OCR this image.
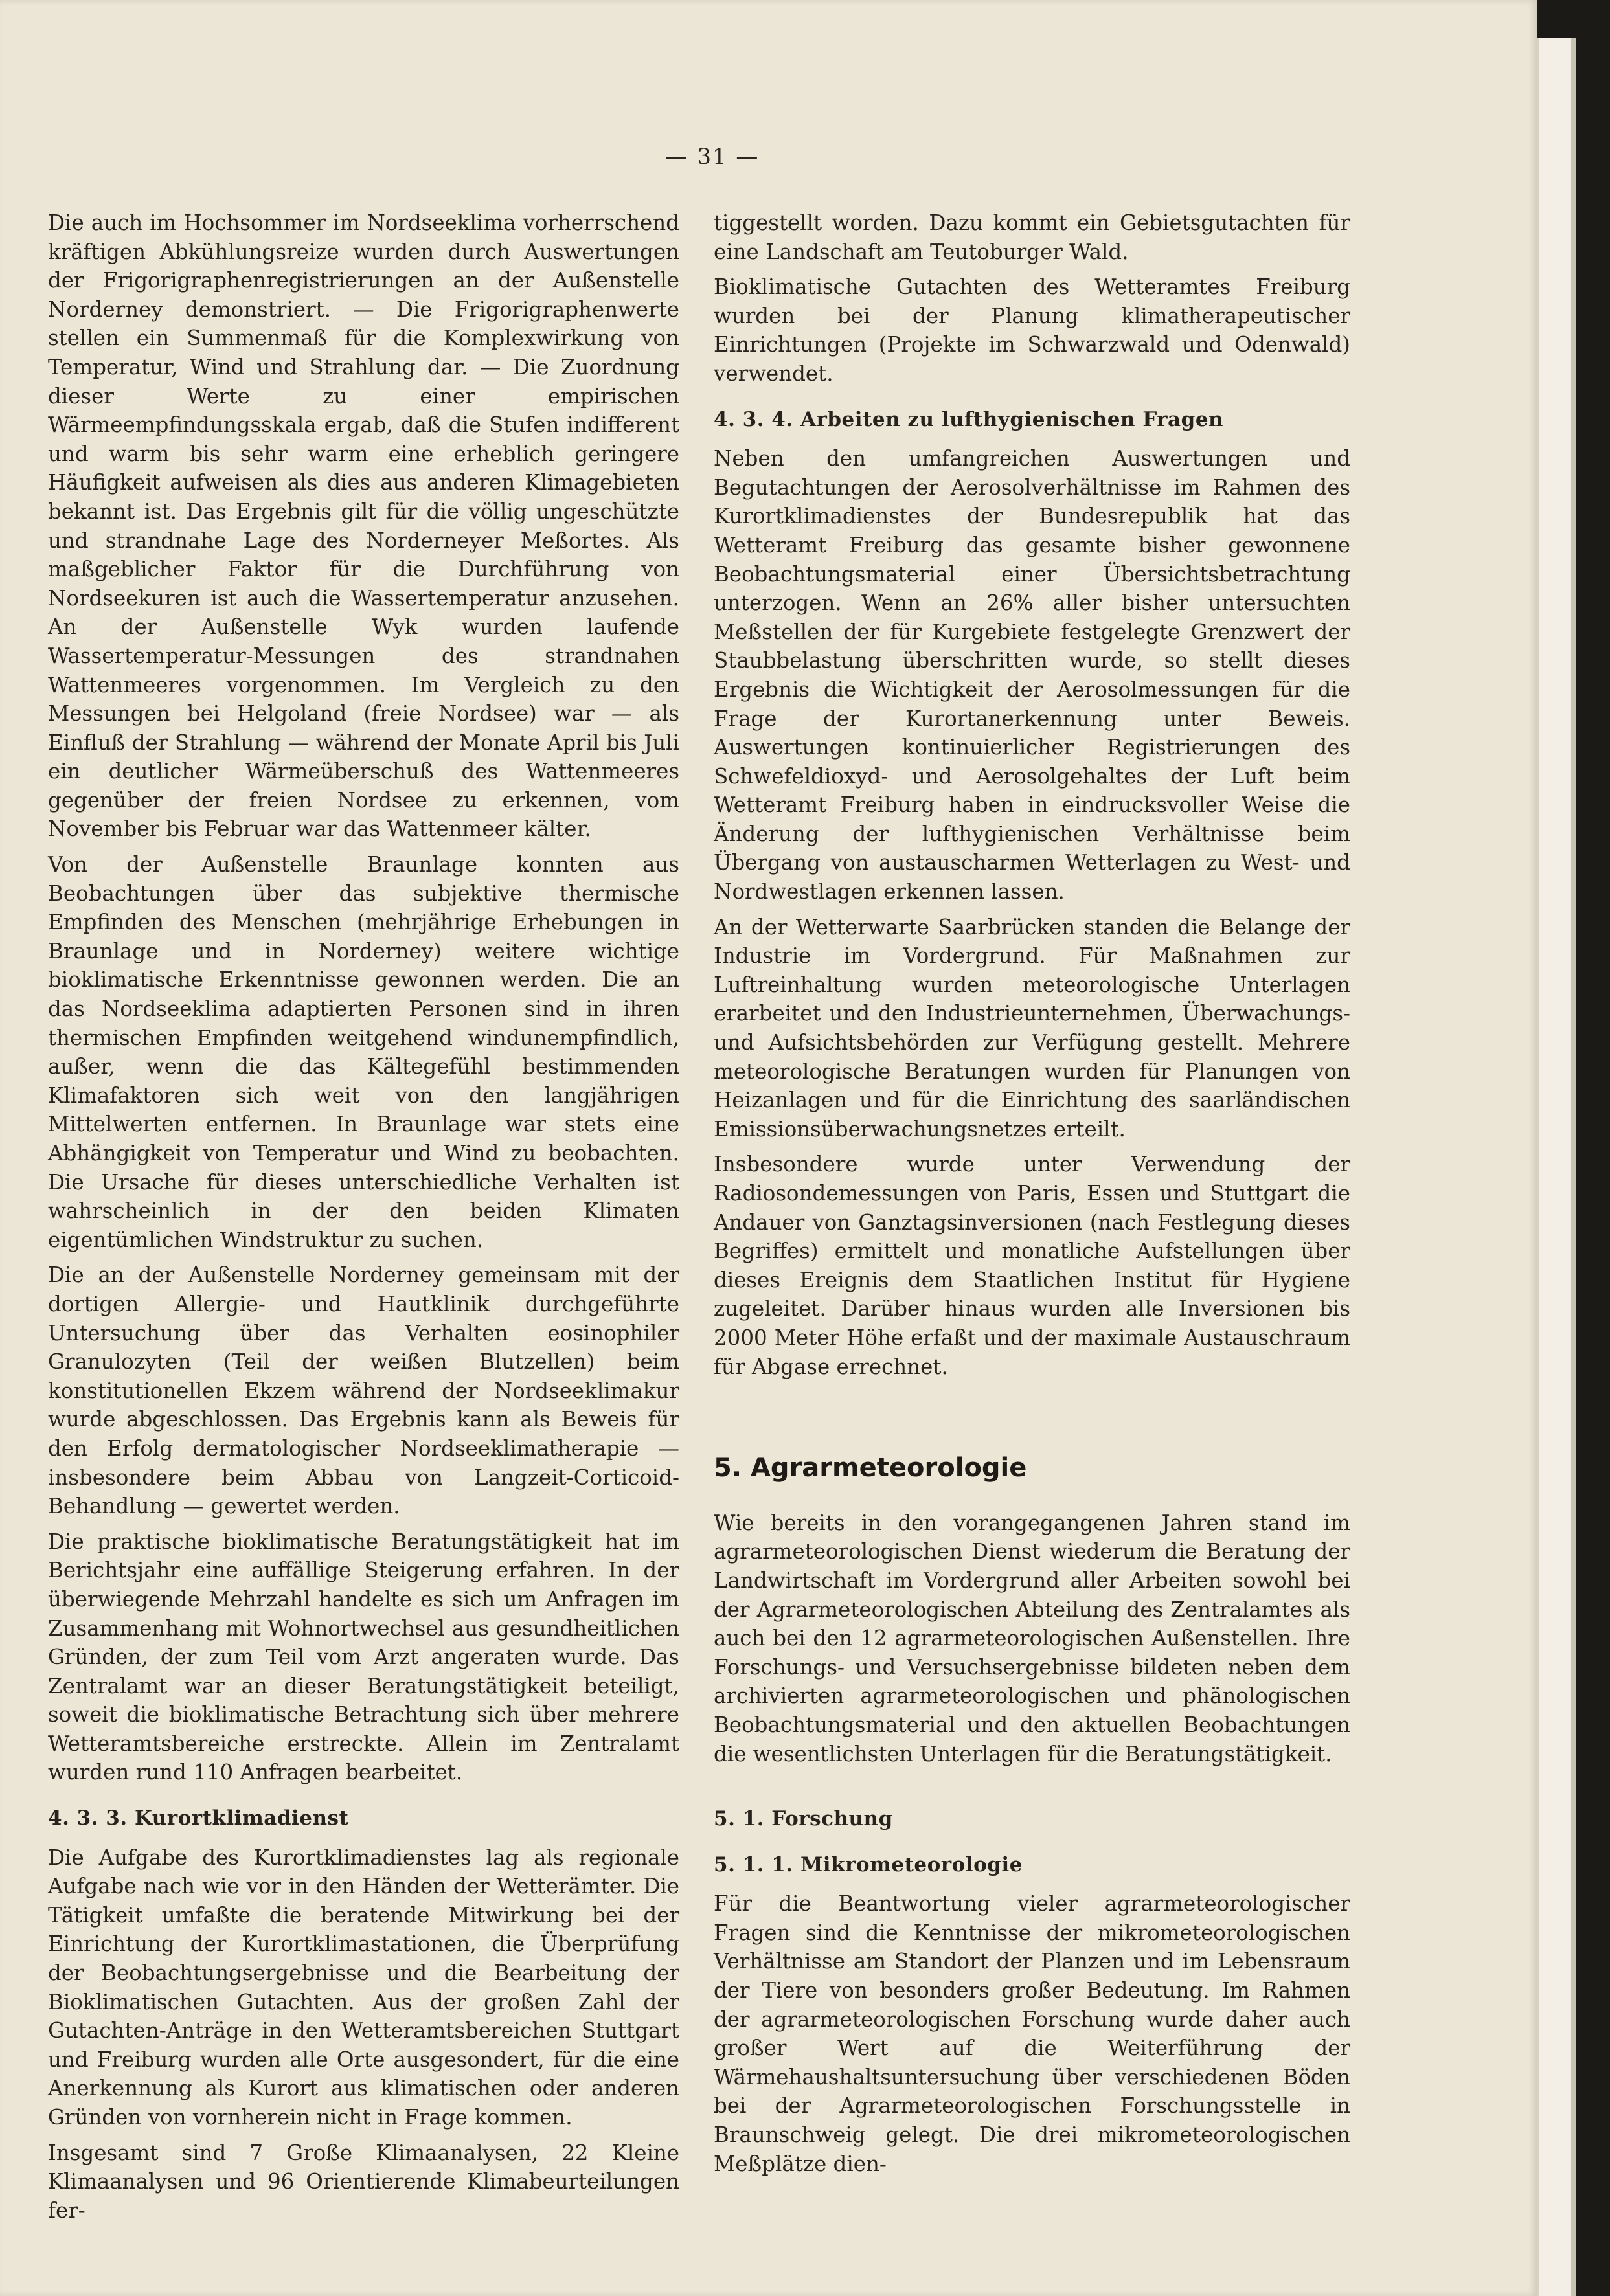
— 31 —

Die auch im Hochsommer im Nordseeklima vorherrschend kräftigen Abkühlungsreize wurden durch Auswertungen der Frigorigraphenregistrierungen an der Außenstelle Norderney demonstriert. — Die Frigorigraphenwerte stellen ein Summenmaß für die Komplexwirkung von Temperatur, Wind und Strahlung dar. — Die Zuordnung dieser Werte zu einer empirischen Wärmeempfindungsskala ergab, daß die Stufen indifferent und warm bis sehr warm eine erheblich geringere Häufigkeit aufweisen als dies aus anderen Klimagebieten bekannt ist. Das Ergebnis gilt für die völlig ungeschützte und strandnahe Lage des Norderneyer Meßortes. Als maßgeblicher Faktor für die Durchführung von Nordseekuren ist auch die Wassertemperatur anzusehen. An der Außenstelle Wyk wurden laufende Wassertemperatur-Messungen des strandnahen Wattenmeeres vorgenommen. Im Vergleich zu den Messungen bei Helgoland (freie Nordsee) war — als Einfluß der Strahlung — während der Monate April bis Juli ein deutlicher Wärmeüberschuß des Wattenmeeres gegenüber der freien Nordsee zu erkennen, vom November bis Februar war das Wattenmeer kälter.

Von der Außenstelle Braunlage konnten aus Beobachtungen über das subjektive thermische Empfinden des Menschen (mehrjährige Erhebungen in Braunlage und in Norderney) weitere wichtige bioklimatische Erkenntnisse gewonnen werden. Die an das Nordseeklima adaptierten Personen sind in ihren thermischen Empfinden weitgehend windunempfindlich, außer, wenn die das Kältegefühl bestimmenden Klimafaktoren sich weit von den langjährigen Mittelwerten entfernen. In Braunlage war stets eine Abhängigkeit von Temperatur und Wind zu beobachten. Die Ursache für dieses unterschiedliche Verhalten ist wahrscheinlich in der den beiden Klimaten eigentümlichen Windstruktur zu suchen.

Die an der Außenstelle Norderney gemeinsam mit der dortigen Allergie- und Hautklinik durchgeführte Untersuchung über das Verhalten eosinophiler Granulozyten (Teil der weißen Blutzellen) beim konstitutionellen Ekzem während der Nordseeklimakur wurde abgeschlossen. Das Ergebnis kann als Beweis für den Erfolg dermatologischer Nordseeklimatherapie — insbesondere beim Abbau von Langzeit-Corticoid-Behandlung — gewertet werden.

Die praktische bioklimatische Beratungstätigkeit hat im Berichtsjahr eine auffällige Steigerung erfahren. In der überwiegende Mehrzahl handelte es sich um Anfragen im Zusammenhang mit Wohnortwechsel aus gesundheitlichen Gründen, der zum Teil vom Arzt angeraten wurde. Das Zentralamt war an dieser Beratungstätigkeit beteiligt, soweit die bioklimatische Betrachtung sich über mehrere Wetteramtsbereiche erstreckte. Allein im Zentralamt wurden rund 110 Anfragen bearbeitet.

4. 3. 3. Kurortklimadienst

Die Aufgabe des Kurortklimadienstes lag als regionale Aufgabe nach wie vor in den Händen der Wetterämter. Die Tätigkeit umfaßte die beratende Mitwirkung bei der Einrichtung der Kurortklimastationen, die Überprüfung der Beobachtungsergebnisse und die Bearbeitung der Bioklimatischen Gutachten. Aus der großen Zahl der Gutachten-Anträge in den Wetteramtsbereichen Stuttgart und Freiburg wurden alle Orte ausgesondert, für die eine Anerkennung als Kurort aus klimatischen oder anderen Gründen von vornherein nicht in Frage kommen.

Insgesamt sind 7 Große Klimaanalysen, 22 Kleine Klimaanalysen und 96 Orientierende Klimabeurteilungen fer-

tiggestellt worden. Dazu kommt ein Gebietsgutachten für eine Landschaft am Teutoburger Wald.

Bioklimatische Gutachten des Wetteramtes Freiburg wurden bei der Planung klimatherapeutischer Einrichtungen (Projekte im Schwarzwald und Odenwald) verwendet.

4. 3. 4. Arbeiten zu lufthygienischen Fragen

Neben den umfangreichen Auswertungen und Begutachtungen der Aerosolverhältnisse im Rahmen des Kurortklimadienstes der Bundesrepublik hat das Wetteramt Freiburg das gesamte bisher gewonnene Beobachtungsmaterial einer Übersichtsbetrachtung unterzogen. Wenn an 26% aller bisher untersuchten Meßstellen der für Kurgebiete festgelegte Grenzwert der Staubbelastung überschritten wurde, so stellt dieses Ergebnis die Wichtigkeit der Aerosolmessungen für die Frage der Kurortanerkennung unter Beweis. Auswertungen kontinuierlicher Registrierungen des Schwefeldioxyd- und Aerosolgehaltes der Luft beim Wetteramt Freiburg haben in eindrucksvoller Weise die Änderung der lufthygienischen Verhältnisse beim Übergang von austauscharmen Wetterlagen zu West- und Nordwestlagen erkennen lassen.

An der Wetterwarte Saarbrücken standen die Belange der Industrie im Vordergrund. Für Maßnahmen zur Luftreinhaltung wurden meteorologische Unterlagen erarbeitet und den Industrieunternehmen, Überwachungs- und Aufsichtsbehörden zur Verfügung gestellt. Mehrere meteorologische Beratungen wurden für Planungen von Heizanlagen und für die Einrichtung des saarländischen Emissionsüberwachungsnetzes erteilt.

Insbesondere wurde unter Verwendung der Radiosondemessungen von Paris, Essen und Stuttgart die Andauer von Ganztagsinversionen (nach Festlegung dieses Begriffes) ermittelt und monatliche Aufstellungen über dieses Ereignis dem Staatlichen Institut für Hygiene zugeleitet. Darüber hinaus wurden alle Inversionen bis 2000 Meter Höhe erfaßt und der maximale Austauschraum für Abgase errechnet.

5. Agrarmeteorologie

Wie bereits in den vorangegangenen Jahren stand im agrarmeteorologischen Dienst wiederum die Beratung der Landwirtschaft im Vordergrund aller Arbeiten sowohl bei der Agrarmeteorologischen Abteilung des Zentralamtes als auch bei den 12 agrarmeteorologischen Außenstellen. Ihre Forschungs- und Versuchsergebnisse bildeten neben dem archivierten agrarmeteorologischen und phänologischen Beobachtungsmaterial und den aktuellen Beobachtungen die wesentlichsten Unterlagen für die Beratungstätigkeit.

5. 1. Forschung
5. 1. 1. Mikrometeorologie

Für die Beantwortung vieler agrarmeteorologischer Fragen sind die Kenntnisse der mikrometeorologischen Verhältnisse am Standort der Planzen und im Lebensraum der Tiere von besonders großer Bedeutung. Im Rahmen der agrarmeteorologischen Forschung wurde daher auch großer Wert auf die Weiterführung der Wärmehaushaltsuntersuchung über verschiedenen Böden bei der Agrarmeteorologischen Forschungsstelle in Braunschweig gelegt. Die drei mikrometeorologischen Meßplätze dien-
